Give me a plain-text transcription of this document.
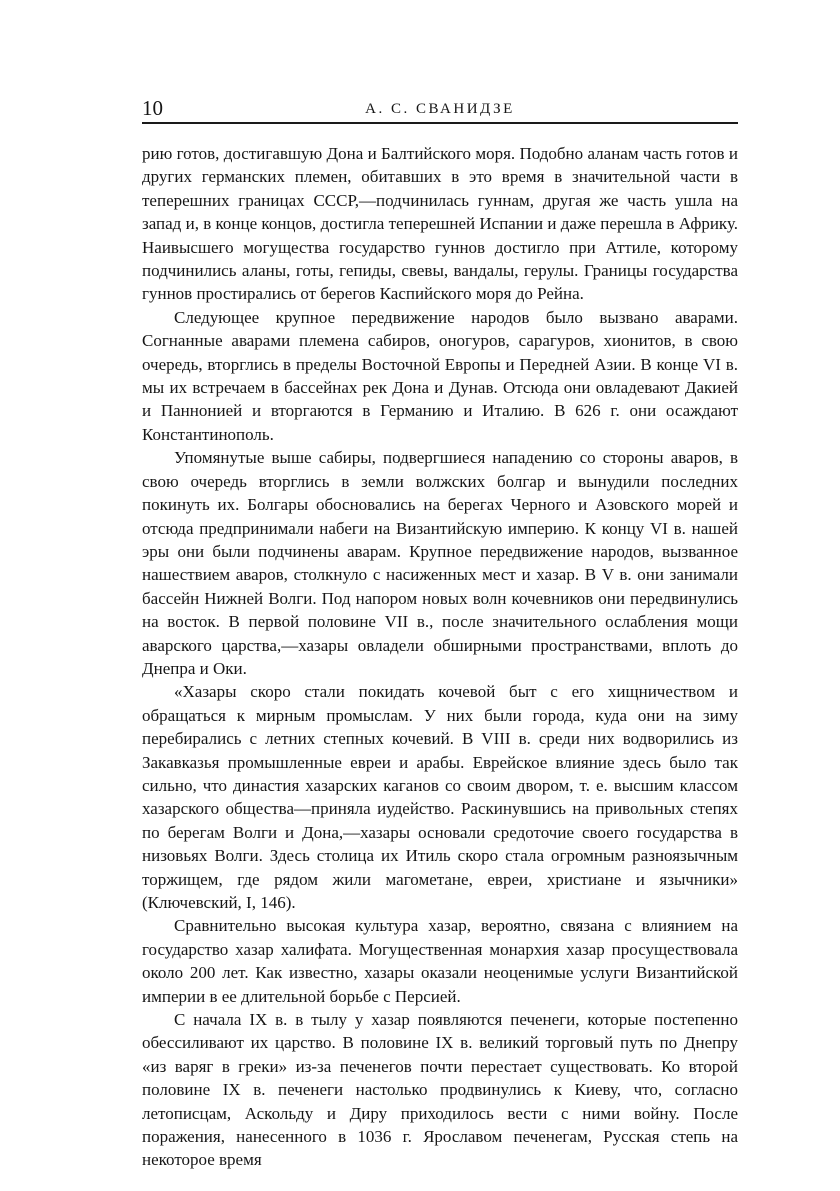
10	А. С. СВАНИДЗЕ

рию готов, достигавшую Дона и Балтийского моря. Подобно аланам часть готов и других германских племен, обитавших в это время в значительной части в теперешних границах СССР,—подчинилась гуннам, другая же часть ушла на запад и, в конце концов, достигла теперешней Испании и даже перешла в Африку. Наивысшего могущества государство гуннов достигло при Аттиле, которому подчинились аланы, готы, гепиды, свевы, вандалы, герулы. Границы государства гуннов простирались от берегов Каспийского моря до Рейна.

Следующее крупное передвижение народов было вызвано аварами. Согнанные аварами племена сабиров, оногуров, сарагуров, хионитов, в свою очередь, вторглись в пределы Восточной Европы и Передней Азии. В конце VI в. мы их встречаем в бассейнах рек Дона и Дунав. Отсюда они овладевают Дакией и Паннонией и вторгаются в Германию и Италию. В 626 г. они осаждают Константинополь.

Упомянутые выше сабиры, подвергшиеся нападению со стороны аваров, в свою очередь вторглись в земли волжских болгар и вынудили последних покинуть их. Болгары обосновались на берегах Черного и Азовского морей и отсюда предпринимали набеги на Византийскую империю. К концу VI в. нашей эры они были подчинены аварам. Крупное передвижение народов, вызванное нашествием аваров, столкнуло с насиженных мест и хазар. В V в. они занимали бассейн Нижней Волги. Под напором новых волн кочевников они передвинулись на восток. В первой половине VII в., после значительного ослабления мощи аварского царства,—хазары овладели обширными пространствами, вплоть до Днепра и Оки.

«Хазары скоро стали покидать кочевой быт с его хищничеством и обращаться к мирным промыслам. У них были города, куда они на зиму перебирались с летних степных кочевий. В VIII в. среди них водворились из Закавказья промышленные евреи и арабы. Еврейское влияние здесь было так сильно, что династия хазарских каганов со своим двором, т. е. высшим классом хазарского общества—приняла иудейство. Раскинувшись на привольных степях по берегам Волги и Дона,—хазары основали средоточие своего государства в низовьях Волги. Здесь столица их Итиль скоро стала огромным разноязычным торжищем, где рядом жили магометане, евреи, христиане и язычники» (Ключевский, I, 146).

Сравнительно высокая культура хазар, вероятно, связана с влиянием на государство хазар халифата. Могущественная монархия хазар просуществовала около 200 лет. Как известно, хазары оказали неоценимые услуги Византийской империи в ее длительной борьбе с Персией.

С начала IX в. в тылу у хазар появляются печенеги, которые постепенно обессиливают их царство. В половине IX в. великий торговый путь по Днепру «из варяг в греки» из-за печенегов почти перестает существовать. Ко второй половине IX в. печенеги настолько продвинулись к Киеву, что, согласно летописцам, Аскольду и Диру приходилось вести с ними войну. После поражения, нанесенного в 1036 г. Ярославом печенегам, Русская степь на некоторое время
